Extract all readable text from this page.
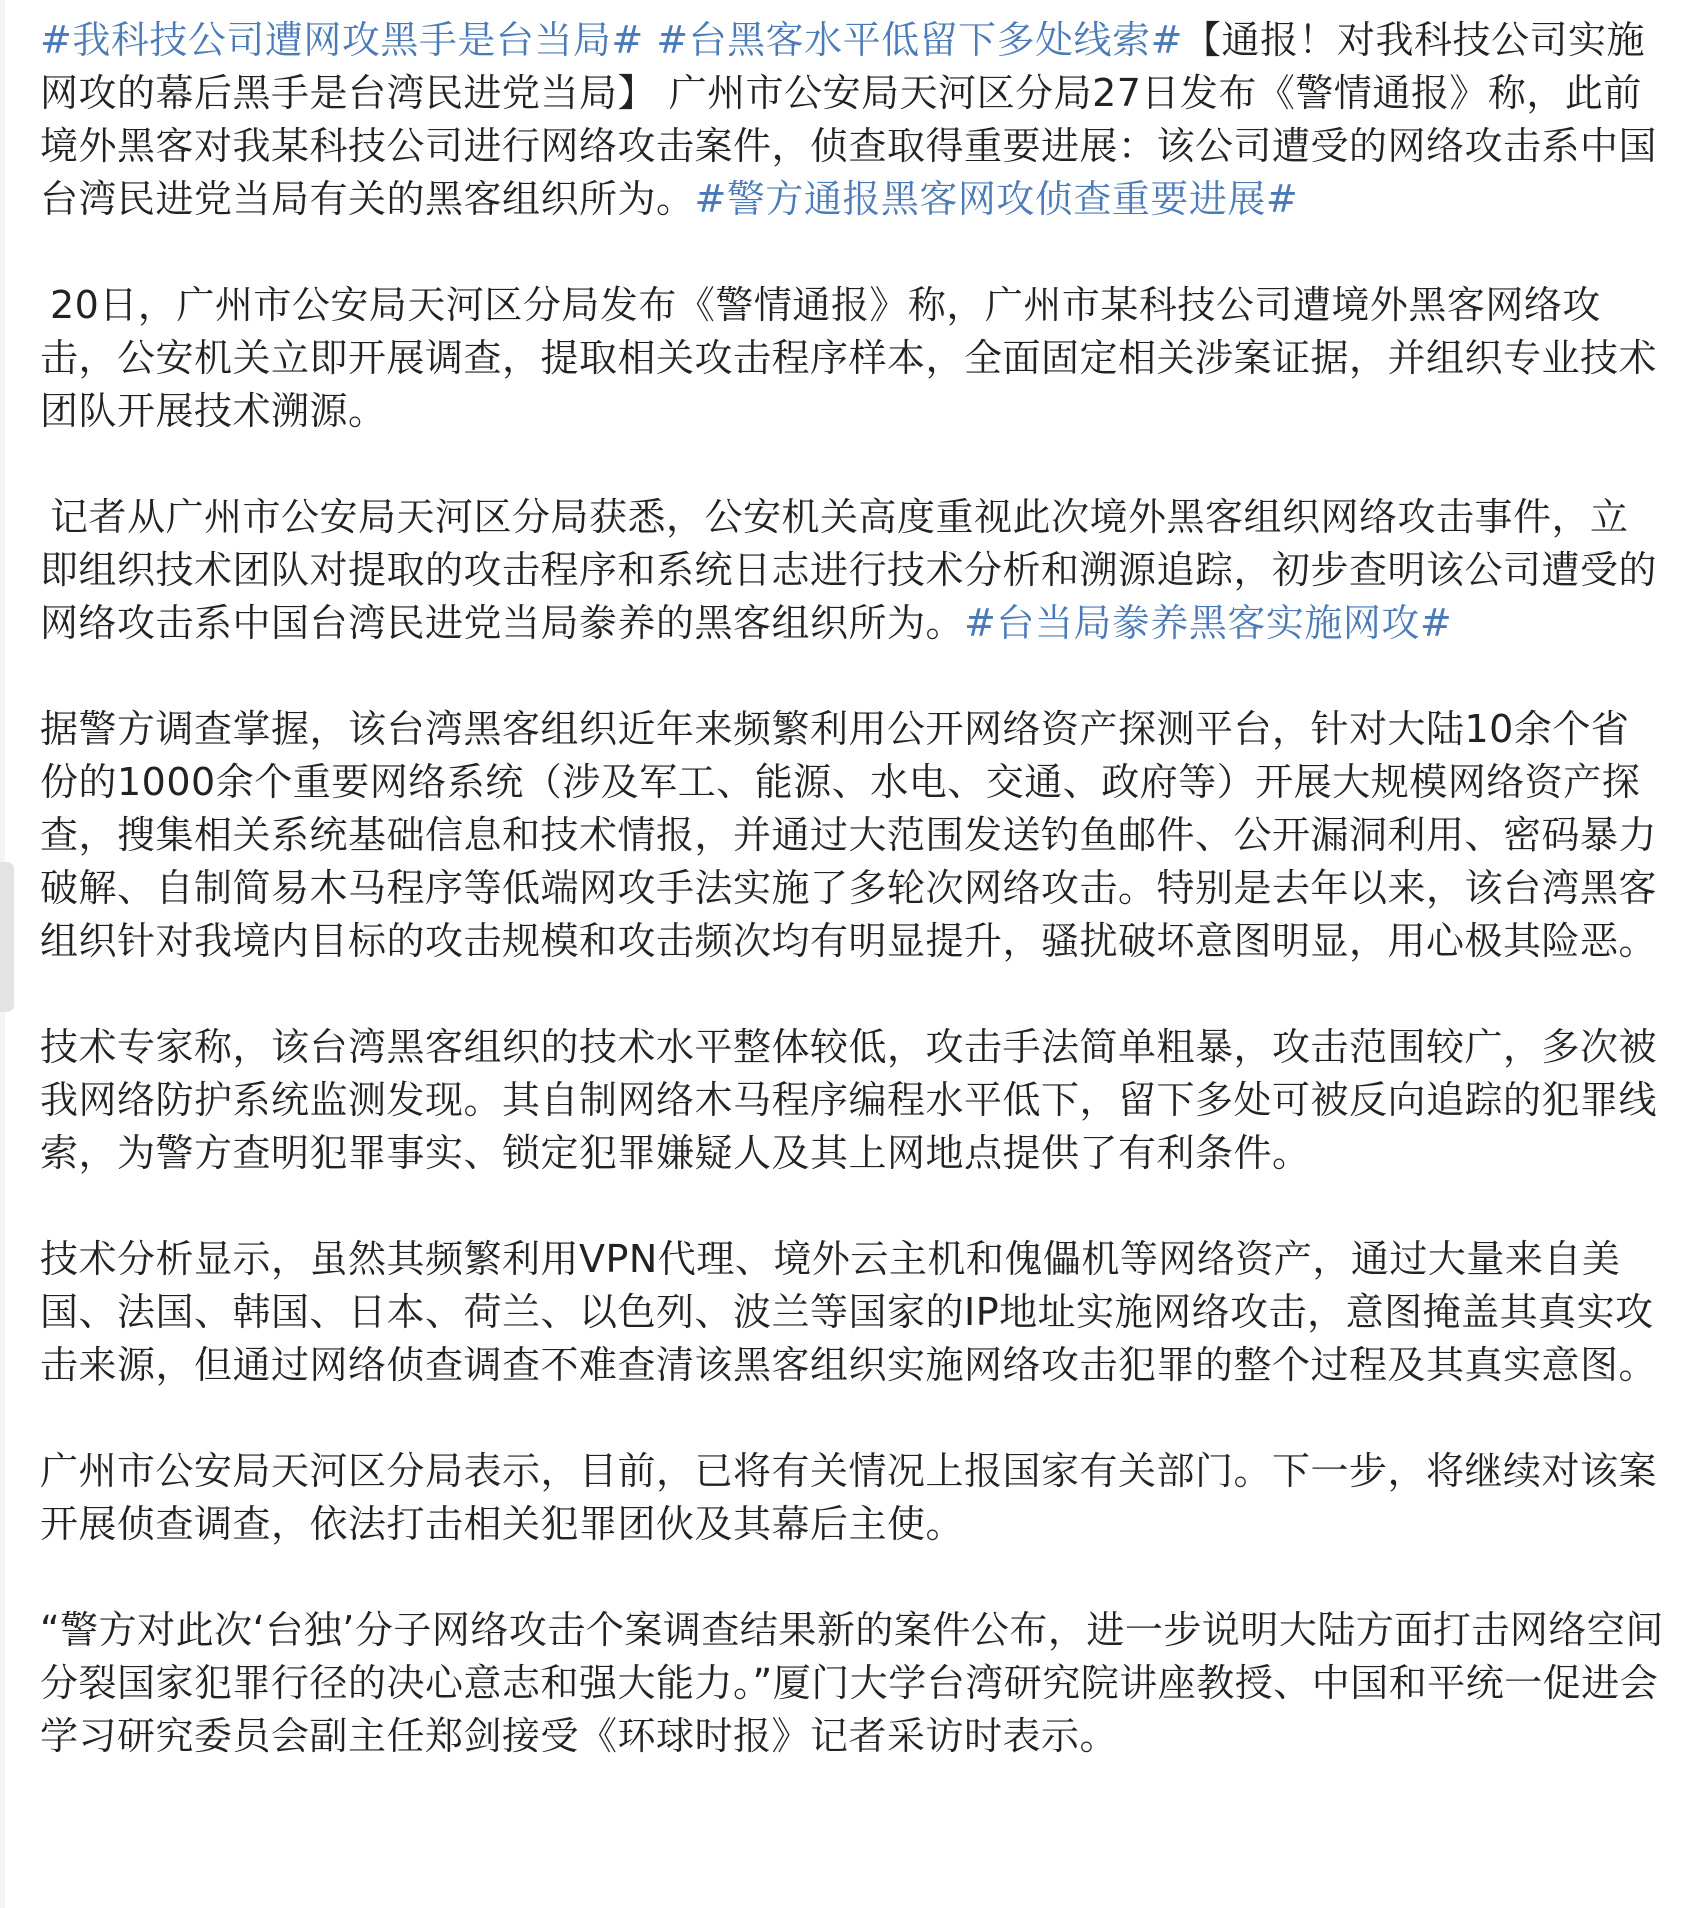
#我科技公司遭网攻黑手是台当局# #台黑客水平低留下多处线索#【通报！对我科技公司实施网攻的幕后黑手是台湾民进党当局】 广州市公安局天河区分局27日发布《警情通报》称，此前境外黑客对我某科技公司进行网络攻击案件，侦查取得重要进展：该公司遭受的网络攻击系中国台湾民进党当局有关的黑客组织所为。#警方通报黑客网攻侦查重要进展#

20日，广州市公安局天河区分局发布《警情通报》称，广州市某科技公司遭境外黑客网络攻击，公安机关立即开展调查，提取相关攻击程序样本，全面固定相关涉案证据，并组织专业技术团队开展技术溯源。

记者从广州市公安局天河区分局获悉，公安机关高度重视此次境外黑客组织网络攻击事件，立即组织技术团队对提取的攻击程序和系统日志进行技术分析和溯源追踪，初步查明该公司遭受的网络攻击系中国台湾民进党当局豢养的黑客组织所为。#台当局豢养黑客实施网攻#

据警方调查掌握，该台湾黑客组织近年来频繁利用公开网络资产探测平台，针对大陆10余个省份的1000余个重要网络系统（涉及军工、能源、水电、交通、政府等）开展大规模网络资产探查，搜集相关系统基础信息和技术情报，并通过大范围发送钓鱼邮件、公开漏洞利用、密码暴力破解、自制简易木马程序等低端网攻手法实施了多轮次网络攻击。特别是去年以来，该台湾黑客组织针对我境内目标的攻击规模和攻击频次均有明显提升，骚扰破坏意图明显，用心极其险恶。

技术专家称，该台湾黑客组织的技术水平整体较低，攻击手法简单粗暴，攻击范围较广，多次被我网络防护系统监测发现。其自制网络木马程序编程水平低下，留下多处可被反向追踪的犯罪线索，为警方查明犯罪事实、锁定犯罪嫌疑人及其上网地点提供了有利条件。

技术分析显示，虽然其频繁利用VPN代理、境外云主机和傀儡机等网络资产，通过大量来自美国、法国、韩国、日本、荷兰、以色列、波兰等国家的IP地址实施网络攻击，意图掩盖其真实攻击来源，但通过网络侦查调查不难查清该黑客组织实施网络攻击犯罪的整个过程及其真实意图。

广州市公安局天河区分局表示，目前，已将有关情况上报国家有关部门。下一步，将继续对该案开展侦查调查，依法打击相关犯罪团伙及其幕后主使。

“警方对此次‘台独’分子网络攻击个案调查结果新的案件公布，进一步说明大陆方面打击网络空间分裂国家犯罪行径的决心意志和强大能力。”厦门大学台湾研究院讲座教授、中国和平统一促进会学习研究委员会副主任郑剑接受《环球时报》记者采访时表示。
